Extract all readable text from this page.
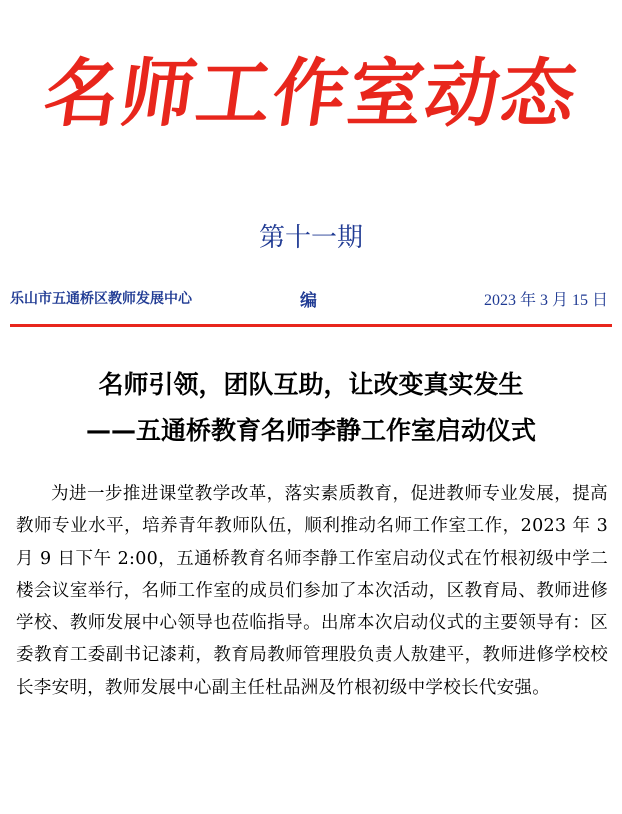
名师工作室动态
第十一期
乐山市五通桥区教师发展中心	编	2023 年 3 月 15 日
名师引领，团队互助，让改变真实发生
——五通桥教育名师李静工作室启动仪式

为进一步推进课堂教学改革，落实素质教育，促进教师专业发展，提高教师专业水平，培养青年教师队伍，顺利推动名师工作室工作，2023 年 3 月 9 日下午 2:00，五通桥教育名师李静工作室启动仪式在竹根初级中学二楼会议室举行，名师工作室的成员们参加了本次活动，区教育局、教师进修学校、教师发展中心领导也莅临指导。出席本次启动仪式的主要领导有：区委教育工委副书记漆莉，教育局教师管理股负责人敖建平，教师进修学校校长李安明，教师发展中心副主任杜品洲及竹根初级中学校长代安强。
